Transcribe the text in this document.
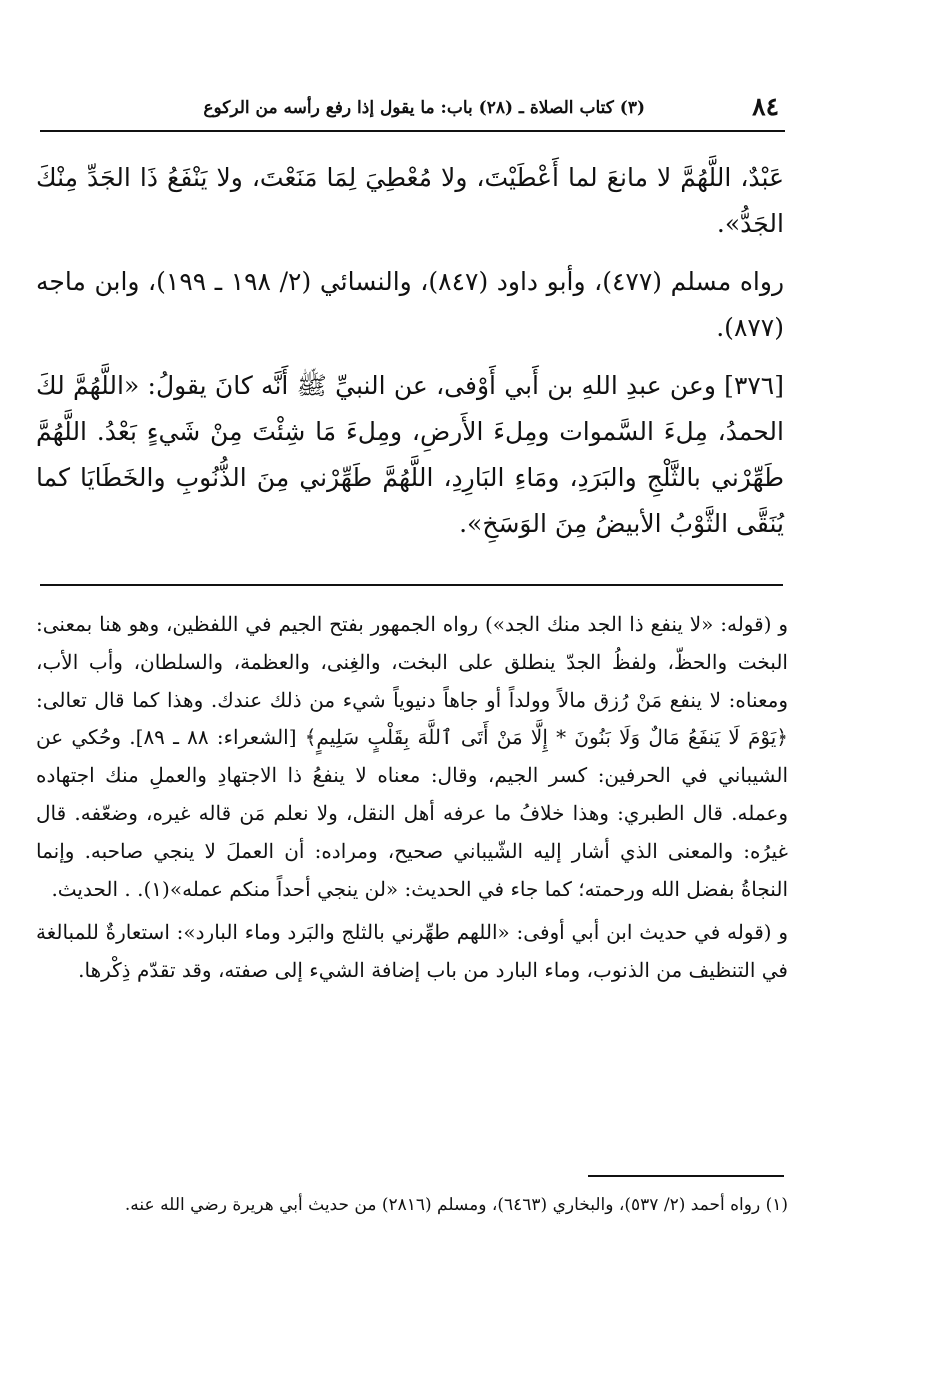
٨٤
(٣) كتاب الصلاة ـ (٢٨) باب: ما يقول إذا رفع رأسه من الركوع

عَبْدٌ، اللَّهُمَّ لا مانعَ لما أَعْطَيْتَ، ولا مُعْطِيَ لِمَا مَنَعْتَ، ولا يَنْفَعُ ذَا الجَدِّ مِنْكَ الجَدُّ».

رواه مسلم (٤٧٧)، وأبو داود (٨٤٧)، والنسائي (٢/ ١٩٨ ـ ١٩٩)، وابن ماجه (٨٧٧).

[٣٧٦] وعن عبدِ اللهِ بن أَبي أَوْفى، عن النبيِّ ﷺ أَنَّه كانَ يقولُ: «اللَّهُمَّ لكَ الحمدُ، مِلءَ السَّموات ومِلءَ الأَرضِ، ومِلءَ مَا شِئْتَ مِنْ شَيءٍ بَعْدُ. اللَّهُمَّ طَهِّرْني بالثَّلْجِ والبَرَدِ، ومَاءِ البَارِدِ، اللَّهُمَّ طَهِّرْني مِنَ الذُّنُوبِ والخَطَايَا كما يُنَقَّى الثَّوْبُ الأبيضُ مِنَ الوَسَخِ».

و (قوله: «لا ينفع ذا الجد منك الجد») رواه الجمهور بفتح الجيم في اللفظين، وهو هنا بمعنى: البخت والحظّ، ولفظُ الجدّ ينطلق على البخت، والغِنى، والعظمة، والسلطان، وأب الأب، ومعناه: لا ينفع مَنْ رُزق مالاً وولداً أو جاهاً دنيوياً شيء من ذلك عندك. وهذا كما قال تعالى: ﴿يَوْمَ لَا يَنفَعُ مَالٌ وَلَا بَنُونَ * إِلَّا مَنْ أَتَى ٱللَّهَ بِقَلْبٍ سَلِيمٍ﴾ [الشعراء: ٨٨ ـ ٨٩]. وحُكي عن الشيباني في الحرفين: كسر الجيم، وقال: معناه لا ينفعُ ذا الاجتهادِ والعملِ منك اجتهاده وعمله. قال الطبري: وهذا خلافُ ما عرفه أهل النقل، ولا نعلم مَن قاله غيره، وضعّفه. قال غيرُه: والمعنى الذي أشار إليه الشّيباني صحيح، ومراده: أن العملَ لا ينجي صاحبه. وإنما النجاةُ بفضل الله ورحمته؛ كما جاء في الحديث: «لن ينجي أحداً منكم عمله»(١). . الحديث.

و (قوله في حديث ابن أبي أوفى: «اللهم طهِّرني بالثلج والبَرد وماء البارد»: استعارةٌ للمبالغة في التنظيف من الذنوب، وماء البارد من باب إضافة الشيء إلى صفته، وقد تقدّم ذِكْرها.

(١) رواه أحمد (٢/ ٥٣٧)، والبخاري (٦٤٦٣)، ومسلم (٢٨١٦) من حديث أبي هريرة رضي الله عنه.
